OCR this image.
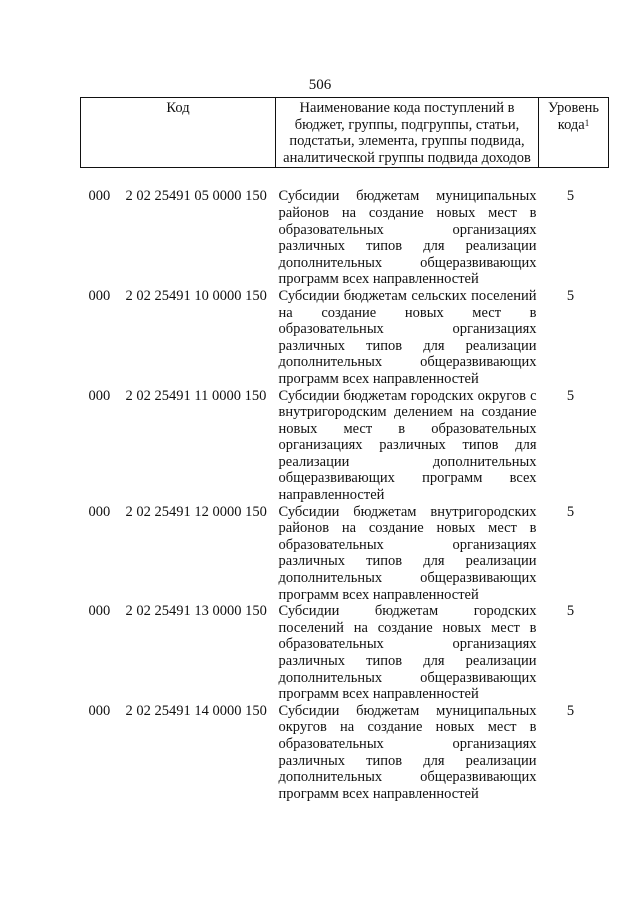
506
Код		Наименование кода поступлений в бюджет, группы, подгруппы, статьи, подстатьи, элемента, группы подвида, аналитической группы подвида доходов	Уровень кода$^1$

000	2 02 25491 05 0000 150	Субсидии бюджетам муниципальных районов на создание новых мест в образовательных организациях различных типов для реализации дополнительных общеразвивающих программ всех направленностей	5
000	2 02 25491 10 0000 150	Субсидии бюджетам сельских поселений на создание новых мест в образовательных организациях различных типов для реализации дополнительных общеразвивающих программ всех направленностей	5
000	2 02 25491 11 0000 150	Субсидии бюджетам городских округов с внутригородским делением на создание новых мест в образовательных организациях различных типов для реализации дополнительных общеразвивающих программ всех направленностей	5
000	2 02 25491 12 0000 150	Субсидии бюджетам внутригородских районов на создание новых мест в образовательных организациях различных типов для реализации дополнительных общеразвивающих программ всех направленностей	5
000	2 02 25491 13 0000 150	Субсидии бюджетам городских поселений на создание новых мест в образовательных организациях различных типов для реализации дополнительных общеразвивающих программ всех направленностей	5
000	2 02 25491 14 0000 150	Субсидии бюджетам муниципальных округов на создание новых мест в образовательных организациях различных типов для реализации дополнительных общеразвивающих программ всех направленностей	5
